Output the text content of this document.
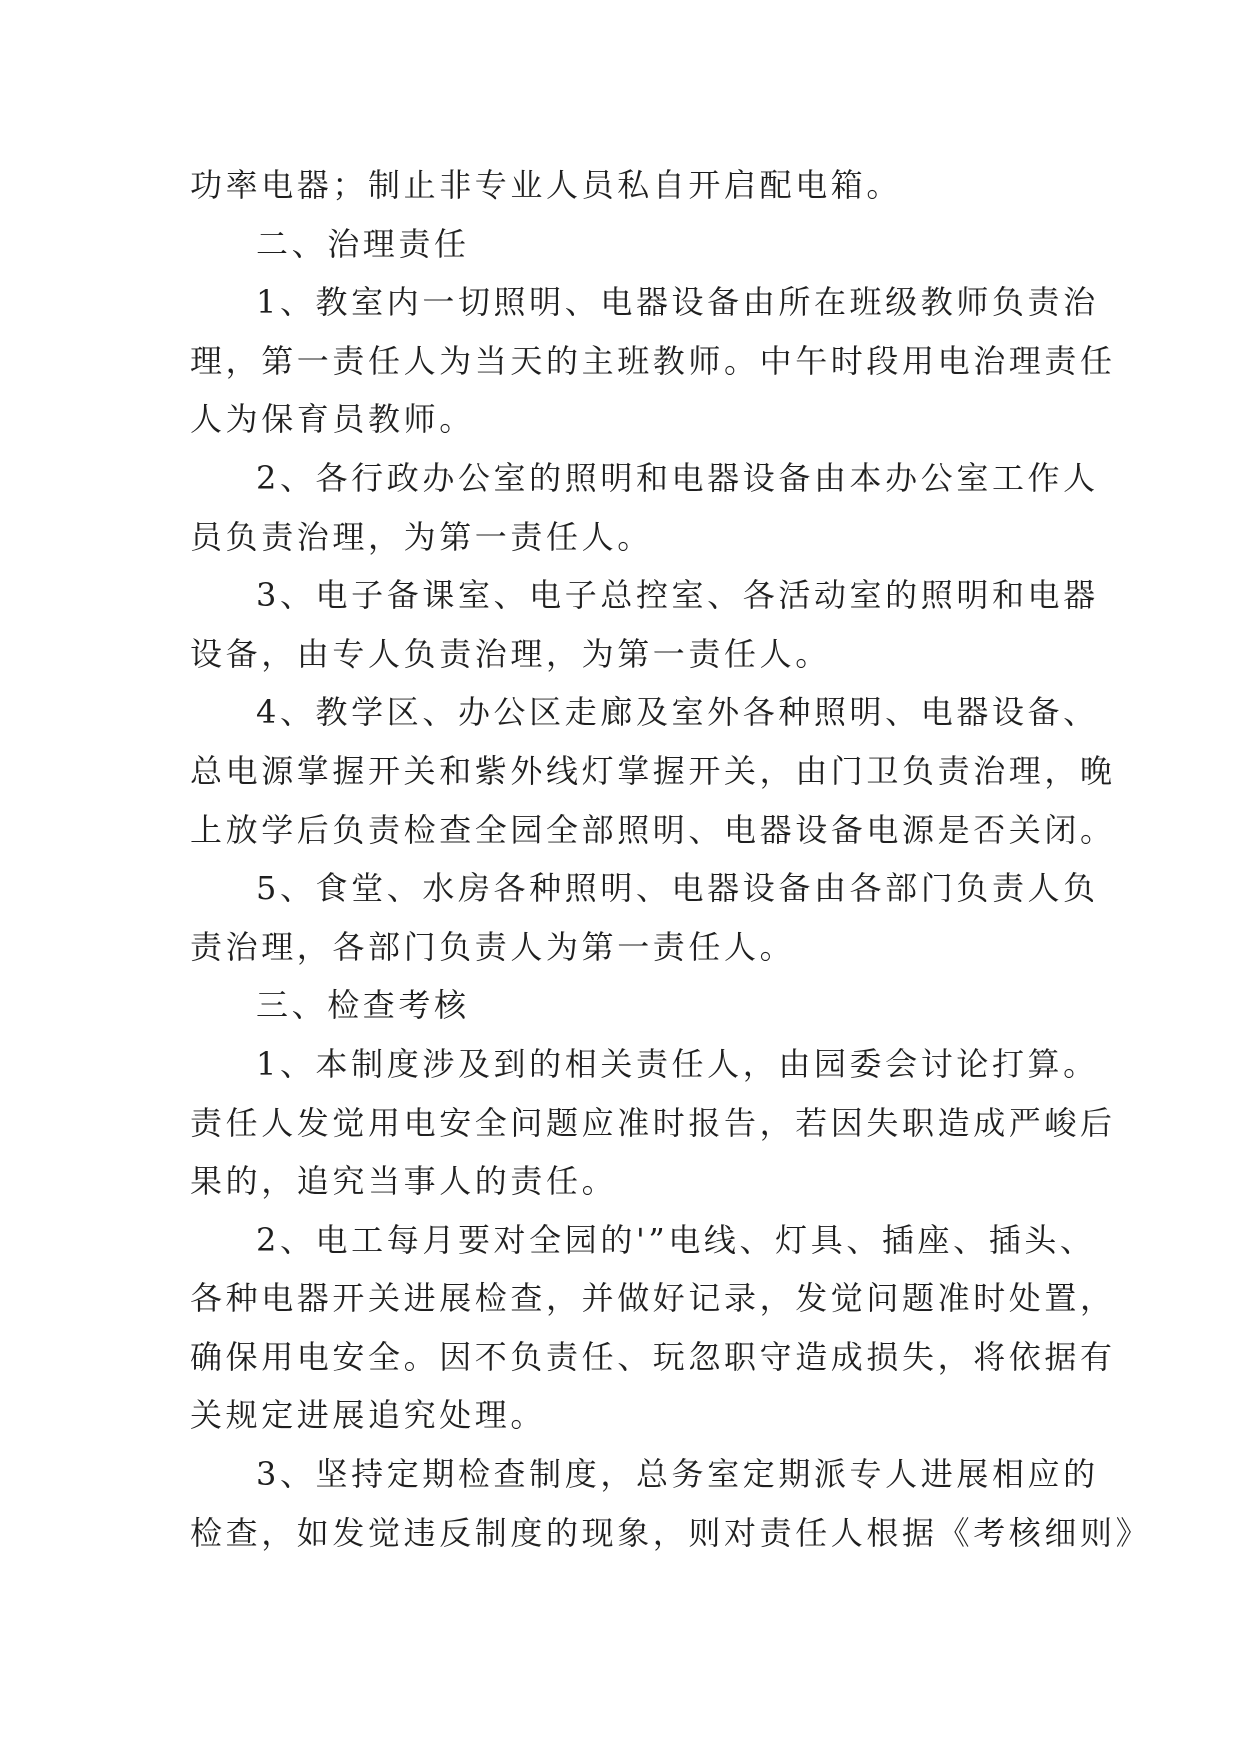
功率电器；制止非专业人员私自开启配电箱。
二、治理责任
1、教室内一切照明、电器设备由所在班级教师负责治
理，第一责任人为当天的主班教师。中午时段用电治理责任
人为保育员教师。
2、各行政办公室的照明和电器设备由本办公室工作人
员负责治理，为第一责任人。
3、电子备课室、电子总控室、各活动室的照明和电器
设备，由专人负责治理，为第一责任人。
4、教学区、办公区走廊及室外各种照明、电器设备、
总电源掌握开关和紫外线灯掌握开关，由门卫负责治理，晚
上放学后负责检查全园全部照明、电器设备电源是否关闭。
5、食堂、水房各种照明、电器设备由各部门负责人负
责治理，各部门负责人为第一责任人。
三、检查考核
1、本制度涉及到的相关责任人，由园委会讨论打算。
责任人发觉用电安全问题应准时报告，若因失职造成严峻后
果的，追究当事人的责任。
2、电工每月要对全园的'”电线、灯具、插座、插头、
各种电器开关进展检查，并做好记录，发觉问题准时处置，
确保用电安全。因不负责任、玩忽职守造成损失，将依据有
关规定进展追究处理。
3、坚持定期检查制度，总务室定期派专人进展相应的
检查，如发觉违反制度的现象，则对责任人根据《考核细则》
